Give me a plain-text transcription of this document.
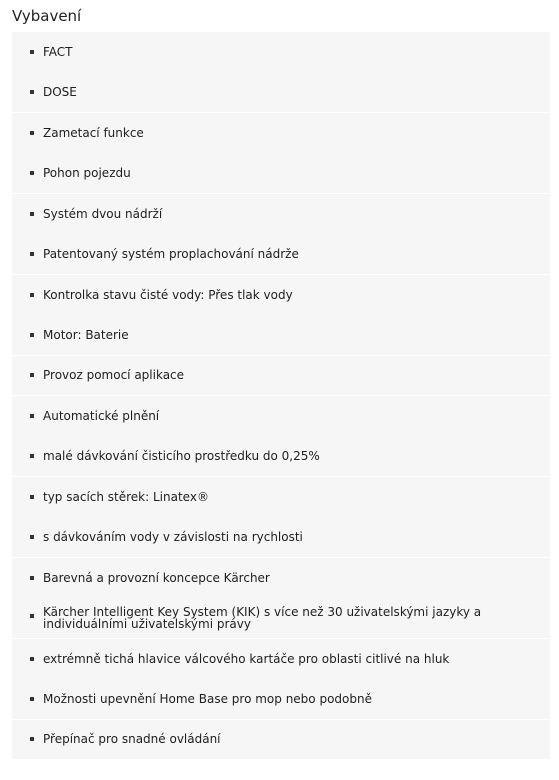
Vybavení
FACT
DOSE
Zametací funkce
Pohon pojezdu
Systém dvou nádrží
Patentovaný systém proplachování nádrže
Kontrolka stavu čisté vody: Přes tlak vody
Motor: Baterie
Provoz pomocí aplikace
Automatické plnění
malé dávkování čisticího prostředku do 0,25%
typ sacích stěrek: Linatex®
s dávkováním vody v závislosti na rychlosti
Barevná a provozní koncepce Kärcher
Kärcher Intelligent Key System (KIK) s více než 30 uživatelskými jazyky a individuálními uživatelskými právy
extrémně tichá hlavice válcového kartáče pro oblasti citlivé na hluk
Možnosti upevnění Home Base pro mop nebo podobně
Přepínač pro snadné ovládání
